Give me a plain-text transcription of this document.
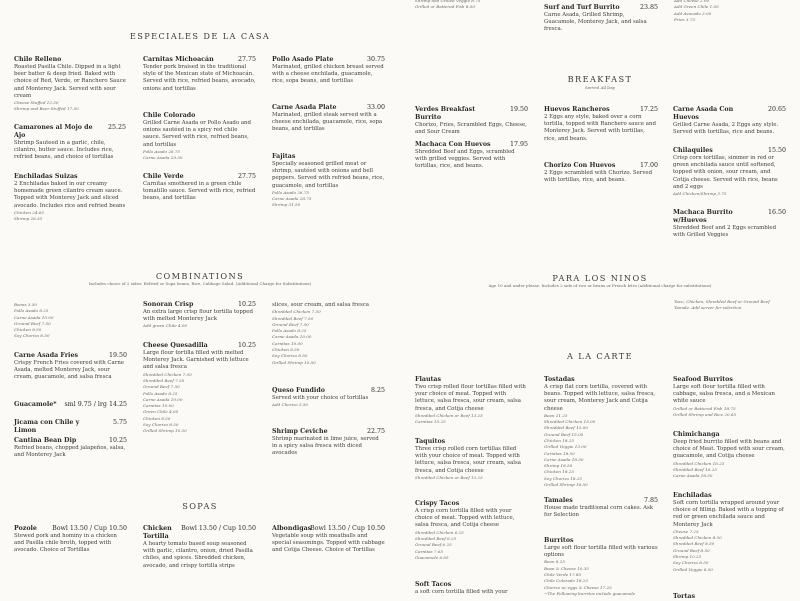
Shrimp and Grilled Veggie 8.75
Grilled or Battered Fish 8.50
Add Cheese 2.00
Add Green Chile 1.00
Add Avocado 3.00
Fries 3.75
ESPECIALES DE LA CASA
BREAKFAST
Served All Day
COMBINATIONS
Includes choice of 2 sides: Refried or Sopa beans, Rice, Cabbage Salad. (Additional Charge for Substitutions)
PARA LOS NINOS
Age 10 and under please. Includes 2 side of rice or beans or French fries (additional charge for substitutions)
Taco, Chicken, Shredded Beef or Ground Beef
Tamale. Add server for selection
A LA CARTE
SOPAS
Beans 3.50
Pollo Asado 8.25
Carne Asada 10.00
Ground Beef 7.50
Chicken 8.50
Soy Chorizo 8.50
slices, sour cream, and salsa fresca
Shredded Chicken 7.50
Shredded Beef 7.50
Ground Beef 7.50
Pollo Asado 8.25
Carne Asada 10.00
Carnitas 10.00
Chicken 8.50
Soy Chorizo 8.50
Grilled Shrimp 10.50
Chile Relleno
Roasted Pasilla Chile. Dipped in a light beer batter & deep fried. Baked with choice of Red, Verde, or Ranchero Sauce and Monterey Jack. Served with sour cream
Cheese Stuffed 12.50
Shrimp and Beer Stuffed 17.50
Camarones al Mojo de Ajo
25.25
Shrimp Sauteed in a garlic, chile, cilantro, butter sauce. Includes rice, refried beans, and choice of tortillas
Enchiladas Suizas
2 Enchiladas baked in our creamy homemade green cilantro cream sauce. Topped with Monterey Jack and sliced avocado. Includes rice and refried beans
Chicken 24.65
Shrimp 26.35
Carnitas Michoacán	27.75
Tender pork braised in the traditional style of the Mexican state of Michoacán. Served with rice, refried beans, avocado, onions and tortillas
Chile Colorado
Grilled Carne Asada or Pollo Asado and onions sautéed in a spicy red chile sauce. Served with rice, refried beans, and tortillas
Pollo Asado 26.75
Carne Asada 29.50
Chile Verde	27.75
Carnitas smothered in a green chile tomatillo sauce. Served with rice, refried beans, and tortillas
Pollo Asado Plate	30.75
Marinated, grilled chicken breast served with a cheese enchilada, guacamole, rice, sopa beans, and tortillas
Carne Asada Plate	33.00
Marinated, grilled steak served with a cheese enchilada, guacamole, rice, sopa beans, and tortillas
Fajitas
Specially seasoned grilled meat or shrimp, sautéed with onions and bell peppers. Served with refried beans, rice, guacamole, and tortillas
Pollo Asado 26.75
Carne Asada 28.75
Shrimp 31.50
Surf and Turf Burrito	23.85
Carne Asada, Grilled Shrimp, Guacamole, Monterey Jack, and salsa fresca.
Verdes Breakfast Burrito
19.50
Chorizo, Fries, Scrambled Eggs, Cheese, and Sour Cream
Machaca Con Huevos	17.95
Shredded Beef and Eggs, scrambled with grilled veggies. Served with tortillas, rice, and beans.
Huevos Rancheros	17.25
2 Eggs any style, baked over a corn tortilla, topped with Ranchero sauce and Monterey Jack. Served with tortillas, rice, and beans.
Chorizo Con Huevos	17.00
2 Eggs scrambled with Chorizo. Served with tortillas, rice, and beans.
Carne Asada Con Huevos
20.65
Grilled Carne Asada, 2 Eggs any style. Served with tortillas, rice and beans.
Chilaquiles	15.50
Crisp corn tortillas, simmer in red or green enchilada sauce until softened, topped with onion, sour cream, and Cotija cheese. Served with rice, beans and 2 eggs
Add Chicken/Shrimp 3.75
Machaca Burrito w/Huevos
16.50
Shredded Beef and 2 Eggs scrambled with Grilled Veggies
Carne Asada Fries	19.50
Crispy French Fries covered with Carne Asada, melted Monterey Jack, sour cream, guacamole, and salsa fresca
Guacamole*	sml 9.75 / lrg 14.25
Jicama con Chile y Limon
5.75
Cantina Bean Dip	10.25
Refried beans, chopped jalapeños, salsa, and Monterey Jack
Sonoran Crisp	10.25
An extra large crisp flour tortilla topped with melted Monterey Jack
Add green Chile 4.00
Cheese Quesadilla	10.25
Large flour tortilla filled with melted Monterey Jack. Garnished with lettuce and salsa fresca
Shredded Chicken 7.50
Shredded Beef 7.50
Ground Beef 7.50
Pollo Asado 8.25
Carne Asada 10.00
Carnitas 10.00
Green Chile 4.00
Chicken 8.50
Soy Chorizo 8.50
Grilled Shrimp 10.50
Queso Fundido	8.25
Served with your choice of tortillas
Add Chorizo 3.50
Shrimp Ceviche	22.75
Shrimp marinated in lime juice, served in a spicy salsa fresca with diced avocados
Pozole	Bowl 13.50 / Cup 10.50
Stewed pork and hominy in a chicken and Pasilla chile broth, topped with avocado. Choice of Tortillas
Chicken Tortilla
Bowl 13.50 / Cup 10.50
A hearty tomato based soup seasoned with garlic, cilantro, onion, dried Pasilla chiles, and spices. Shredded chicken, avocado, and crispy tortilla strips
Albondigas
Bowl 13.50 / Cup 10.50
Vegetable soup with meatballs and special seasonings. Topped with cabbage and Cotija Cheese. Choice of Tortillas
Flautas
Two crisp rolled flour tortillas filled with your choice of meat. Topped with lettuce, salsa fresca, sour cream, salsa fresca, and Cotija cheese
Shredded Chicken or Beef 13.25
Carnitas 15.25
Taquitos
Three crisp rolled corn tortillas filled with your choice of meat. Topped with lettuce, salsa fresca, sour cream, salsa fresca, and Cotija cheese
Shredded Chicken or Beef 13.25
Crispy Tacos
A crisp corn tortilla filled with your choice of meat. Topped with lettuce, salsa fresca, and Cotija cheese
Shredded Chicken 6.25
Shredded Beef 6.25
Ground Beef 6.25
Carnitas 7.65
Guacamole 6.65
Soft Tacos
a soft corn tortilla filled with your
Tostadas
A crisp flat corn tortilla, covered with beans. Topped with lettuce, salsa fresca, sour cream, Monterey Jack and Cotija cheese
Bean 11.25
Shredded Chicken 15.00
Shredded Beef 15.00
Ground Beef 15.00
Chicken 18.25
Grilled Veggie 13.00
Carnitas 18.50
Carne Asada 18.50
Shrimp 18.50
Chicken 18.25
Soy Chorizo 18.25
Grilled Shrimp 18.50
Tamales	7.85
House made traditional corn cakes. Ask for Selection
Burritos
Large soft flour tortilla filled with various options
Bean 8.25
Bean & Cheese 10.35
Chile Verde 17.85
Chile Colorado 18.25
Chorizo w/ eggs & Cheese 17.25
~The Following burritos include guacamole
Seafood Burritos
Large soft flour tortilla filled with cabbage, salsa fresca, and a Mexican white sauce
Grilled or Battered Fish 18.75
Grilled Shrimp and Rice 20.65
Chimichanga
Deep fried burrito filled with beans and choice of Meat. Topped with sour cream, guacamole, and Cotija cheese
Shredded Chicken 16.25
Shredded Beef 16.25
Carne Asada 18.50
Enchiladas
Soft corn tortilla wrapped around your choice of filling. Baked with a topping of red or green enchilada sauce and Monterey Jack
Cheese 7.25
Shredded Chicken 8.50
Shredded Beef 8.50
Ground Beef 8.50
Shrimp 10.25
Soy Chorizo 8.50
Grilled Veggie 8.50
Tortas
